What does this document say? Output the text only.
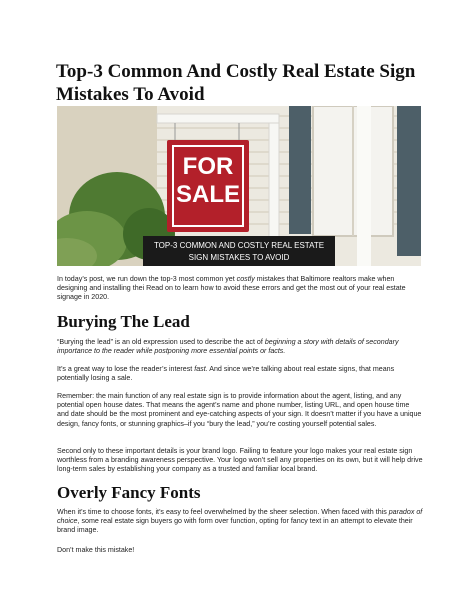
Top-3 Common And Costly Real Estate Sign Mistakes To Avoid
FOR
SALE
TOP-3 COMMON AND COSTLY REAL ESTATE
SIGN MISTAKES TO AVOID

In today’s post, we run down the top-3 most common yet costly mistakes that Baltimore realtors make when designing and installing thei Read on to learn how to avoid these errors and get the most out of your real estate signage in 2020.

Burying The Lead

“Burying the lead” is an old expression used to describe the act of beginning a story with details of secondary importance to the reader while postponing more essential points or facts.

It’s a great way to lose the reader’s interest fast. And since we’re talking about real estate signs, that means potentially losing a sale.

Remember: the main function of any real estate sign is to provide information about the agent, listing, and any potential open house dates. That means the agent’s name and phone number, listing URL, and open house time and date should be the most prominent and eye-catching aspects of your sign. It doesn’t matter if you have a unique design, fancy fonts, or stunning graphics–if you “bury the lead,” you’re costing yourself potential sales.

Second only to these important details is your brand logo. Failing to feature your logo makes your real estate sign worthless from a branding awareness perspective. Your logo won’t sell any properties on its own, but it will help drive long-term sales by establishing your company as a trusted and familiar local brand.

Overly Fancy Fonts

When it’s time to choose fonts, it’s easy to feel overwhelmed by the sheer selection. When faced with this paradox of choice, some real estate sign buyers go with form over function, opting for fancy text in an attempt to elevate their brand image.

Don’t make this mistake!
